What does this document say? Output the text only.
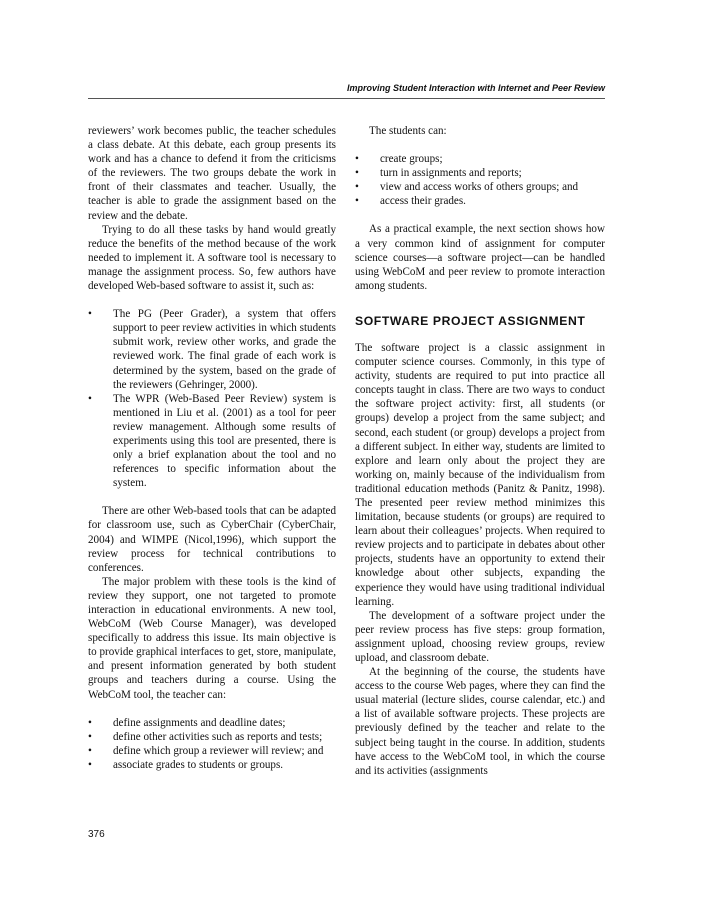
Improving Student Interaction with Internet and Peer Review

reviewers’ work becomes public, the teacher schedules a class debate. At this debate, each group presents its work and has a chance to defend it from the criticisms of the reviewers. The two groups debate the work in front of their classmates and teacher. Usually, the teacher is able to grade the assignment based on the review and the debate.

Trying to do all these tasks by hand would greatly reduce the benefits of the method because of the work needed to implement it. A software tool is necessary to manage the assignment process. So, few authors have developed Web-based software to assist it, such as:

• The PG (Peer Grader), a system that offers support to peer review activities in which students submit work, review other works, and grade the reviewed work. The final grade of each work is determined by the system, based on the grade of the reviewers (Gehringer, 2000).
• The WPR (Web-Based Peer Review) system is mentioned in Liu et al. (2001) as a tool for peer review management. Although some results of experiments using this tool are presented, there is only a brief explanation about the tool and no references to specific information about the system.

There are other Web-based tools that can be adapted for classroom use, such as CyberChair (CyberChair, 2004) and WIMPE (Nicol,1996), which support the review process for technical contributions to conferences.

The major problem with these tools is the kind of review they support, one not targeted to promote interaction in educational environments. A new tool, WebCoM (Web Course Manager), was developed specifically to address this issue. Its main objective is to provide graphical interfaces to get, store, manipulate, and present information generated by both student groups and teachers during a course. Using the WebCoM tool, the teacher can:

• define assignments and deadline dates;
• define other activities such as reports and tests;
• define which group a reviewer will review; and
• associate grades to students or groups.

The students can:

• create groups;
• turn in assignments and reports;
• view and access works of others groups; and
• access their grades.

As a practical example, the next section shows how a very common kind of assignment for computer science courses—a software project—can be handled using WebCoM and peer review to promote interaction among students.

SOFTWARE PROJECT ASSIGNMENT

The software project is a classic assignment in computer science courses. Commonly, in this type of activity, students are required to put into practice all concepts taught in class. There are two ways to conduct the software project activity: first, all students (or groups) develop a project from the same subject; and second, each student (or group) develops a project from a different subject. In either way, students are limited to explore and learn only about the project they are working on, mainly because of the individualism from traditional education methods (Panitz & Panitz, 1998). The presented peer review method minimizes this limitation, because students (or groups) are required to learn about their colleagues’ projects. When required to review projects and to participate in debates about other projects, students have an opportunity to extend their knowledge about other subjects, expanding the experience they would have using traditional individual learning.

The development of a software project under the peer review process has five steps: group formation, assignment upload, choosing review groups, review upload, and classroom debate.

At the beginning of the course, the students have access to the course Web pages, where they can find the usual material (lecture slides, course calendar, etc.) and a list of available software projects. These projects are previously defined by the teacher and relate to the subject being taught in the course. In addition, students have access to the WebCoM tool, in which the course and its activities (assignments

376
